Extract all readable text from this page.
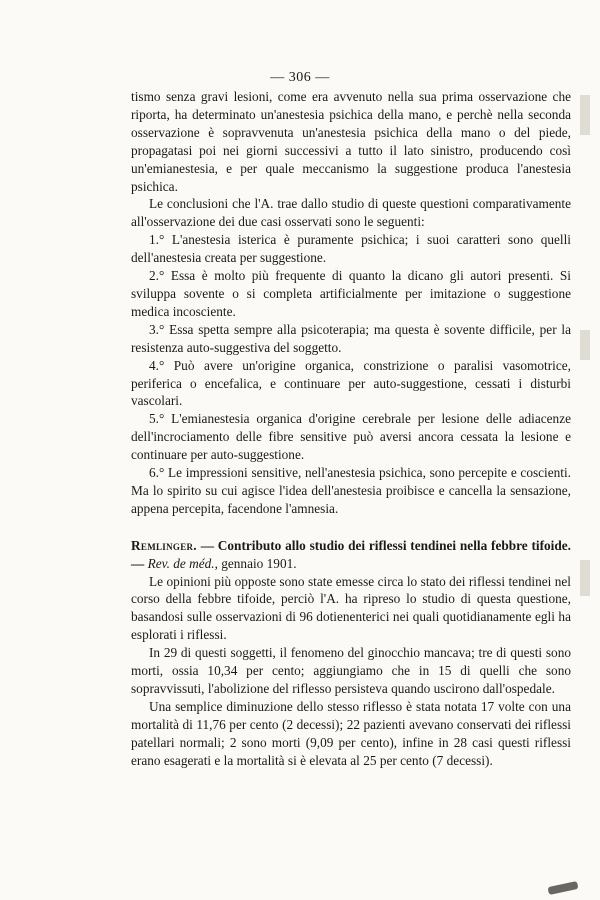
— 306 —

tismo senza gravi lesioni, come era avvenuto nella sua prima osservazione che riporta, ha determinato un'anestesia psichica della mano, e perchè nella seconda osservazione è sopravvenuta un'anestesia psichica della mano o del piede, propagatasi poi nei giorni successivi a tutto il lato sinistro, producendo così un'emianestesia, e per quale meccanismo la suggestione produca l'anestesia psichica.

Le conclusioni che l'A. trae dallo studio di queste questioni comparativamente all'osservazione dei due casi osservati sono le seguenti:

1.° L'anestesia isterica è puramente psichica; i suoi caratteri sono quelli dell'anestesia creata per suggestione.

2.° Essa è molto più frequente di quanto la dicano gli autori presenti. Si sviluppa sovente o si completa artificialmente per imitazione o suggestione medica incosciente.

3.° Essa spetta sempre alla psicoterapia; ma questa è sovente difficile, per la resistenza auto-suggestiva del soggetto.

4.° Può avere un'origine organica, constrizione o paralisi vasomotrice, periferica o encefalica, e continuare per auto-suggestione, cessati i disturbi vascolari.

5.° L'emianestesia organica d'origine cerebrale per lesione delle adiacenze dell'incrociamento delle fibre sensitive può aversi ancora cessata la lesione e continuare per auto-suggestione.

6.° Le impressioni sensitive, nell'anestesia psichica, sono percepite e coscienti. Ma lo spirito su cui agisce l'idea dell'anestesia proibisce e cancella la sensazione, appena percepita, facendone l'amnesia.

Remlinger. — Contributo allo studio dei riflessi tendinei nella febbre tifoide. — Rev. de méd., gennaio 1901.

Le opinioni più opposte sono state emesse circa lo stato dei riflessi tendinei nel corso della febbre tifoide, perciò l'A. ha ripreso lo studio di questa questione, basandosi sulle osservazioni di 96 dotienenterici nei quali quotidianamente egli ha esplorati i riflessi.

In 29 di questi soggetti, il fenomeno del ginocchio mancava; tre di questi sono morti, ossia 10,34 per cento; aggiungiamo che in 15 di quelli che sono sopravvissuti, l'abolizione del riflesso persisteva quando uscirono dall'ospedale.

Una semplice diminuzione dello stesso riflesso è stata notata 17 volte con una mortalità di 11,76 per cento (2 decessi); 22 pazienti avevano conservati dei riflessi patellari normali; 2 sono morti (9,09 per cento), infine in 28 casi questi riflessi erano esagerati e la mortalità si è elevata al 25 per cento (7 decessi).
